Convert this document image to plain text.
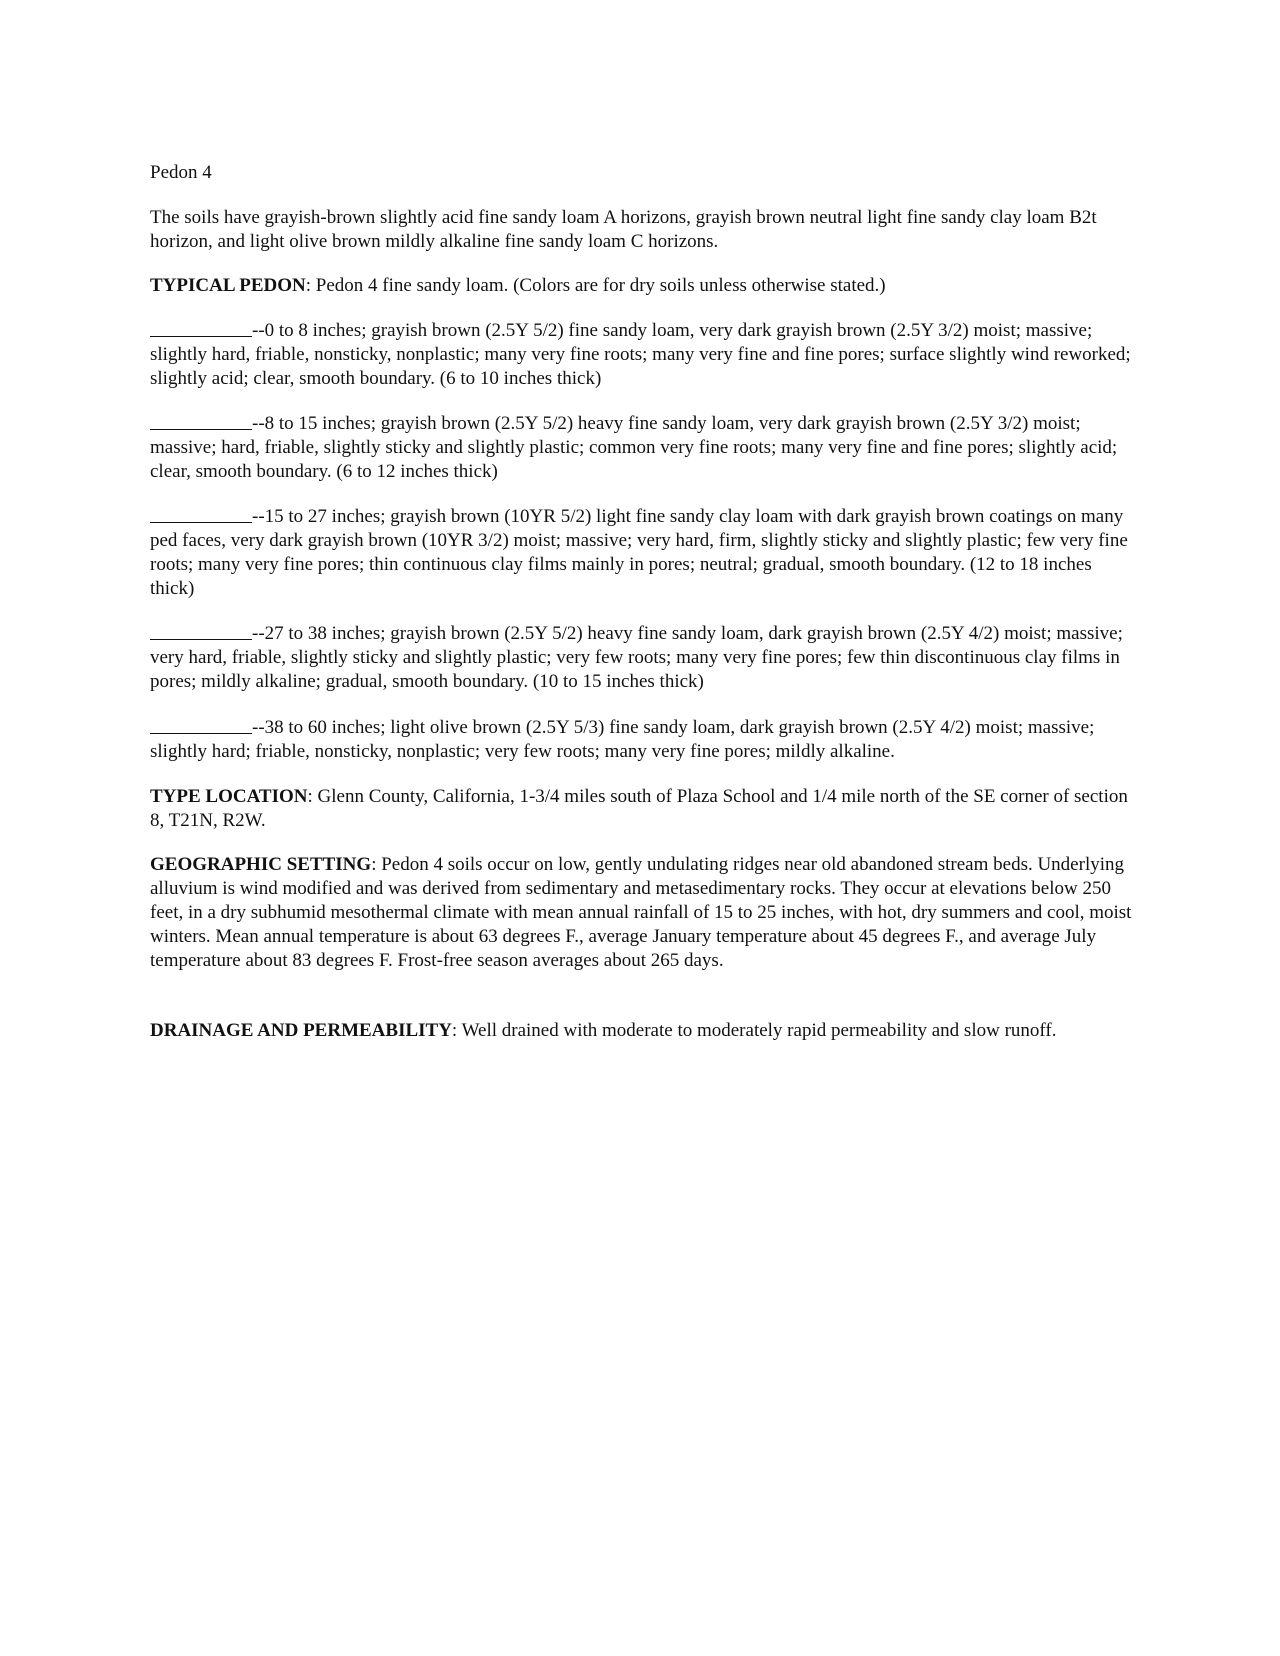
Pedon 4

The soils have grayish-brown slightly acid fine sandy loam A horizons, grayish brown neutral light fine sandy clay loam B2t horizon, and light olive brown mildly alkaline fine sandy loam C horizons.

TYPICAL PEDON: Pedon 4 fine sandy loam. (Colors are for dry soils unless otherwise stated.)

--0 to 8 inches; grayish brown (2.5Y 5/2) fine sandy loam, very dark grayish brown (2.5Y 3/2) moist; massive; slightly hard, friable, nonsticky, nonplastic; many very fine roots; many very fine and fine pores; surface slightly wind reworked; slightly acid; clear, smooth boundary. (6 to 10 inches thick)

--8 to 15 inches; grayish brown (2.5Y 5/2) heavy fine sandy loam, very dark grayish brown (2.5Y 3/2) moist; massive; hard, friable, slightly sticky and slightly plastic; common very fine roots; many very fine and fine pores; slightly acid; clear, smooth boundary. (6 to 12 inches thick)

--15 to 27 inches; grayish brown (10YR 5/2) light fine sandy clay loam with dark grayish brown coatings on many ped faces, very dark grayish brown (10YR 3/2) moist; massive; very hard, firm, slightly sticky and slightly plastic; few very fine roots; many very fine pores; thin continuous clay films mainly in pores; neutral; gradual, smooth boundary. (12 to 18 inches thick)

--27 to 38 inches; grayish brown (2.5Y 5/2) heavy fine sandy loam, dark grayish brown (2.5Y 4/2) moist; massive; very hard, friable, slightly sticky and slightly plastic; very few roots; many very fine pores; few thin discontinuous clay films in pores; mildly alkaline; gradual, smooth boundary. (10 to 15 inches thick)

--38 to 60 inches; light olive brown (2.5Y 5/3) fine sandy loam, dark grayish brown (2.5Y 4/2) moist; massive; slightly hard; friable, nonsticky, nonplastic; very few roots; many very fine pores; mildly alkaline.

TYPE LOCATION: Glenn County, California, 1-3/4 miles south of Plaza School and 1/4 mile north of the SE corner of section 8, T21N, R2W.

GEOGRAPHIC SETTING: Pedon 4 soils occur on low, gently undulating ridges near old abandoned stream beds. Underlying alluvium is wind modified and was derived from sedimentary and metasedimentary rocks. They occur at elevations below 250 feet, in a dry subhumid mesothermal climate with mean annual rainfall of 15 to 25 inches, with hot, dry summers and cool, moist winters. Mean annual temperature is about 63 degrees F., average January temperature about 45 degrees F., and average July temperature about 83 degrees F. Frost-free season averages about 265 days.

DRAINAGE AND PERMEABILITY: Well drained with moderate to moderately rapid permeability and slow runoff.
